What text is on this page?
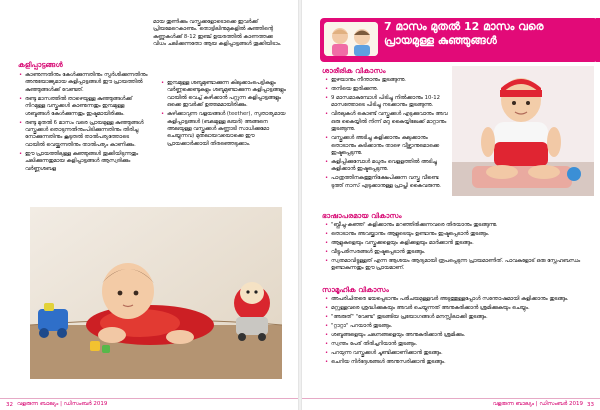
കളിപ്പാട്ടങ്ങൾ
• കാണുന്നതിനും കേൾക്കുന്നതിനും സ്പർശിക്കുന്നതിനും അനുയോജ്യമായ കളിപ്പാട്ടങ്ങൾ ഈ പ്രായത്തിൽ കുഞ്ഞുങ്ങൾക്ക് വേണ്ടത്.
• രണ്ടു മാസത്തിൽ താഴെയുള്ള കുഞ്ഞുങ്ങൾക്ക് നിറമുള്ള വസ്തുക്കൾ കാണുന്നതും ഇമ്പമുള്ള ശബ്ദങ്ങൾ കേൾക്കുന്നതും ഇഷ്ടമായിരിക്കും.
• രണ്ടു മുതൽ 6 മാസം വരെ പ്രായമുള്ള കുഞ്ഞുങ്ങൾ വസ്തുക്കൾ തൊടുന്നതിനുംപിടിക്കുന്നതിനും തിരിച്ചു നോക്കുന്നതിനും കൂടുതൽ താൽപര്യത്തോടെ വായിൽ വെയ്ക്കുന്നതിനും താൽപര്യം കാണിക്കും.
• ഈ പ്രായത്തിലുള്ള കുഞ്ഞുങ്ങൾ തൂക്കിയിടുന്നതും ചലിക്കുന്നതുമായ കളിപ്പാട്ടങ്ങൾ ആസ്വദിക്കും വർണ്ണശബള
മായ തുണിക്കും വസ്തുക്കളോടൊക്കെ ഇവർക്ക് പ്രിയമേറെകാണും. തൊട്ടിലിനുമുകളിൽ കുഞ്ഞിന്റെ കണ്ണുകൾക്ക് 8-12 ഇഞ്ച് ഉയരത്തിൽ കാണത്തക്ക വിധം ചലിക്കുന്നതോ ആയ കളിപ്പാട്ടങ്ങൾ തൂക്കിയിടാം.
• ഇമ്പമുള്ള ശബ്ദമുണ്ടാക്കുന്ന കിലുക്കാംപെട്ടികളും വർണ്ണക്കെണ്ടുകളും ശബ്ദമുണ്ടാക്കുന്ന കളിപ്പാട്ടങ്ങളും വായിൽ വെച്ച് കഴിക്കാൻ പറ്റുന്ന കളിപ്പാട്ടങ്ങളും ഒക്കെ ഇവർക്ക് ഉത്തമമായിരിക്കും.
• കഴിക്കാവുന്ന വളയങ്ങൾ (teether), സുതാര്യമായ കളിപ്പാട്ടങ്ങൾ (ബലമുള്ള ലയർ) അങ്ങനെ അലയുള്ള വസ്തുക്കൾ കണ്ണാടി സാധിക്കുമോ ചെയ്യുന്നവ) മുതലായവയൊക്കെ ഈ പ്രായക്കാർക്കായി തിരഞ്ഞെടുക്കാം.
32 വളരുന്ന ബാല്യം | ഡിസംബർ 2019
7 മാസം മുതൽ 12 മാസം വരെ പ്രായമുള്ള കുഞ്ഞുങ്ങൾ
ശാരീരിക വികാസം
• ഇഴയാനും നീന്താനും തുടങ്ങുന്നു.
• തനിയെ ഇരിക്കുന്നു.
• 9 മാസമാകുമ്പോൾ പിടിച്ചു നിൽക്കാനും 10-12 മാസത്തോടെ പിടിച്ചു നടക്കാനും തുടങ്ങുന്നു.
• വിരലുകൾ കൊണ്ട് വസ്തുക്കൾ എടുക്കുവാനും അവ ഒരു കൈയ്യിൽ നിന്ന് മറു കൈയ്യിലേക്ക് മാറ്റാനും തുടങ്ങുന്നു.
• വസ്തുക്കൾ അടിച്ചു കളിക്കാനും കുലുക്കാനും തൊടാനും കടിക്കാനും താഴെ വീഴ്ത്താനുമൊക്കെ ഇഷ്ടപ്പെടുന്നു.
• കളിപ്പിക്കുമ്പോൾ മധുരം വെളളത്തിൽ അടിച്ചു കളിക്കാൻ ഇഷ്ടപ്പെടുന്നു.
• പാത്രത്തിനകത്തുനിക്ഷേപിക്കുന്ന വസ്തു വീണ്ടെ ടുത്ത് നാസ് എടുക്കാനുള്ള പ്രാപ്തി കൈവരുന്നു.
ഭാഷാപരമായ വികാസം
• "ബ്ലീച്ചു-കഞ്ഞ" കളിക്കാനും മറഞ്ഞിരിക്കുന്നവരെ തിരയാനും തുടങ്ങുന്നു.
• തൊടാനും അവയ്ക്കാനും ആളുടെയും ഉണ്ടാനും ഇഷ്ടപ്പെടാൻ തുടങ്ങും.
• ആളുകളെയും വസ്തുക്കളെയും കളിക്കളയും മാർക്കാൻ തുടങ്ങും.
• വീട്ടുപരിസരങ്ങൾ ഇഷ്ടപ്പെടാൻ തുടങ്ങും.
• സ്വതമാവിട്ടുള്ളത് എന്ന ആശയം ആദ്യമായി രൂപപ്പെടുന്ന പ്രായമാണിത്. പാവകളോട് ഒരു സ്നേഹബന്ധം ഉണ്ടാകുന്നതും ഈ പ്രായമാണ്.
സാമൂഹിക വികാസം
• അപരിചിതരെ ഭയപ്പെടാനും പരിചയമുള്ളവർ അടുത്തുള്ളപ്പോൾ സന്തോഷമായി കളിക്കാനും തുടങ്ങും.
• മറ്റുള്ളവരെ ശ്രദ്ധിക്കുകയും അവർ ചെയ്യുന്നത് അനുകരിക്കാൻ ശ്രമിക്കുകയും ചെയ്യും.
• "അരുത്" "വേണ്ട" തുടങ്ങിയ പ്രയോഗങ്ങൾ മനസ്സിലാക്കി തുടങ്ങും.
• "റ്റാറ്റാ" പറയാൻ തുടങ്ങും.
• ശബ്ദങ്ങളെയും ചലനങ്ങളെയും അനുകരിക്കാൻ ശ്രമിക്കും.
• സ്വന്തം പേര് തിരിച്ചറിയാൻ തുടങ്ങും.
• പറയുന്ന വസ്തുക്കൾ ചൂണ്ടിക്കാണിക്കാൻ തുടങ്ങും.
• ചെറിയ നിർദ്ദേശങ്ങൾ അനുസരിക്കാൻ തുടങ്ങും.
വളരുന്ന ബാല്യം | ഡിസംബർ 2019 33
